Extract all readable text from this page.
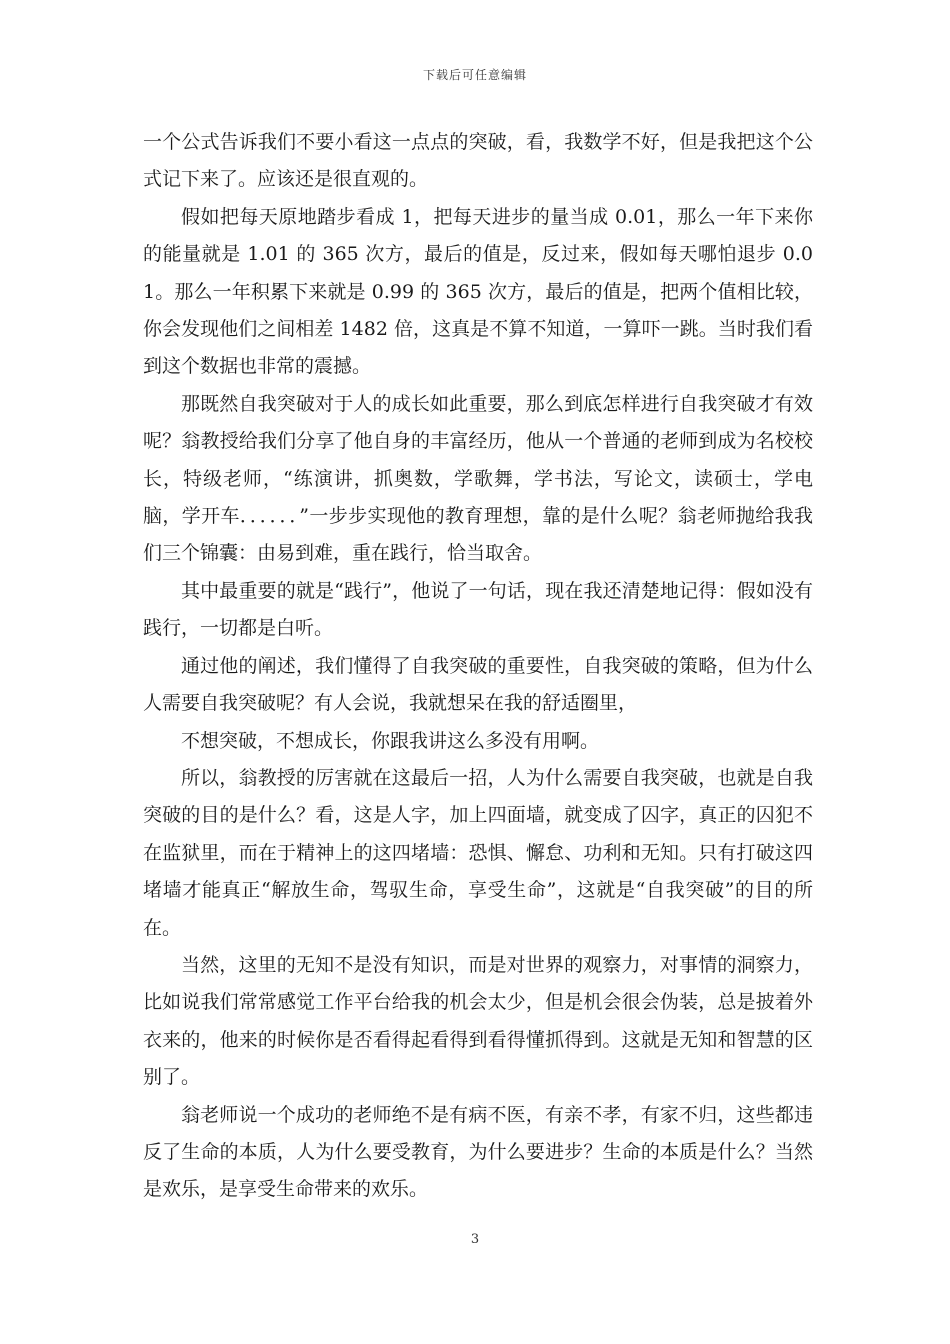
下载后可任意编辑

一个公式告诉我们不要小看这一点点的突破，看，我数学不好，但是我把这个公式记下来了。应该还是很直观的。

假如把每天原地踏步看成 1，把每天进步的量当成 0.01，那么一年下来你的能量就是 1.01 的 365 次方，最后的值是，反过来，假如每天哪怕退步 0.01。那么一年积累下来就是 0.99 的 365 次方，最后的值是，把两个值相比较，你会发现他们之间相差 1482 倍，这真是不算不知道，一算吓一跳。当时我们看到这个数据也非常的震撼。

那既然自我突破对于人的成长如此重要，那么到底怎样进行自我突破才有效呢？翁教授给我们分享了他自身的丰富经历，他从一个普通的老师到成为名校校长，特级老师，“练演讲，抓奥数，学歌舞，学书法，写论文，读硕士，学电脑，学开车．．．．．．”一步步实现他的教育理想，靠的是什么呢？翁老师抛给我我们三个锦囊：由易到难，重在践行，恰当取舍。

其中最重要的就是“践行”，他说了一句话，现在我还清楚地记得：假如没有践行，一切都是白听。

通过他的阐述，我们懂得了自我突破的重要性，自我突破的策略，但为什么人需要自我突破呢？有人会说，我就想呆在我的舒适圈里，

不想突破，不想成长，你跟我讲这么多没有用啊。

所以，翁教授的厉害就在这最后一招，人为什么需要自我突破，也就是自我突破的目的是什么？看，这是人字，加上四面墙，就变成了囚字，真正的囚犯不在监狱里，而在于精神上的这四堵墙：恐惧、懈怠、功利和无知。只有打破这四堵墙才能真正“解放生命，驾驭生命，享受生命”，这就是“自我突破”的目的所在。

当然，这里的无知不是没有知识，而是对世界的观察力，对事情的洞察力，比如说我们常常感觉工作平台给我的机会太少，但是机会很会伪装，总是披着外衣来的，他来的时候你是否看得起看得到看得懂抓得到。这就是无知和智慧的区别了。

翁老师说一个成功的老师绝不是有病不医，有亲不孝，有家不归，这些都违反了生命的本质，人为什么要受教育，为什么要进步？生命的本质是什么？当然是欢乐，是享受生命带来的欢乐。

3
